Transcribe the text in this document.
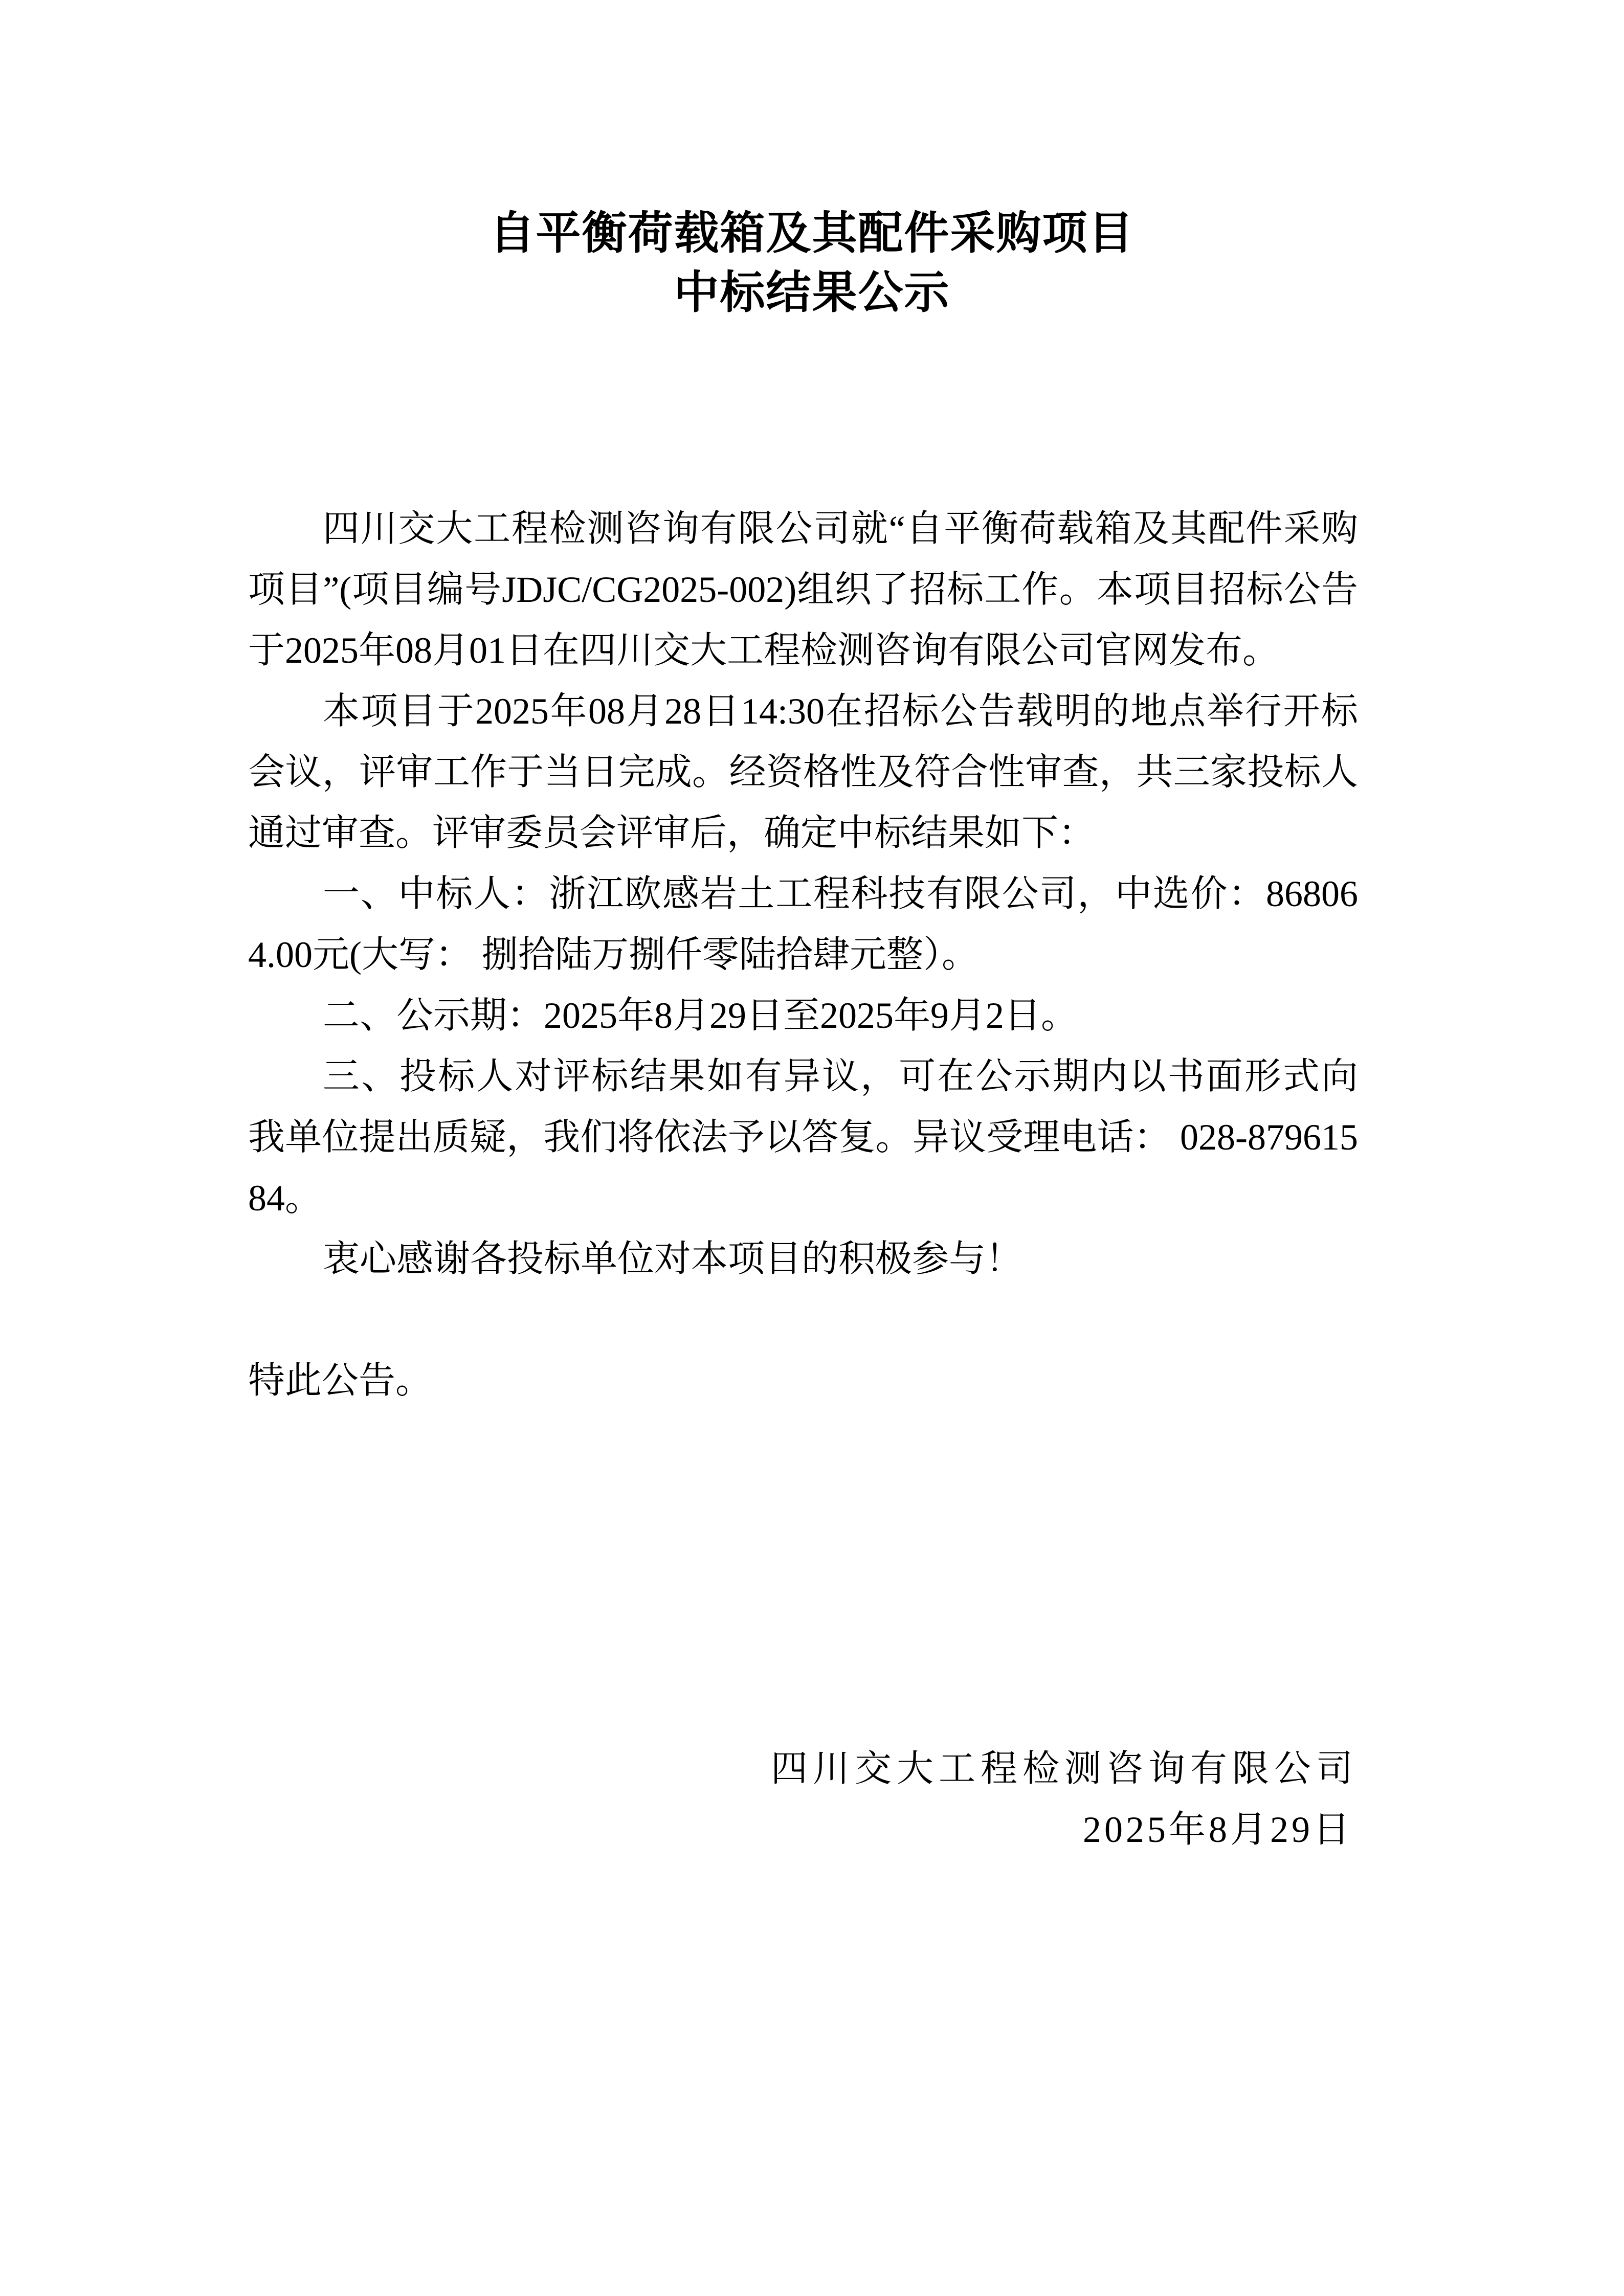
自平衡荷载箱及其配件采购项目
中标结果公示

四川交大工程检测咨询有限公司就“自平衡荷载箱及其配件采购项目”(项目编号JDJC/CG2025-002)组织了招标工作。本项目招标公告于2025年08月01日在四川交大工程检测咨询有限公司官网发布。

本项目于2025年08月28日14:30在招标公告载明的地点举行开标会议，评审工作于当日完成。经资格性及符合性审查，共三家投标人通过审查。评审委员会评审后，确定中标结果如下：

一、中标人：浙江欧感岩土工程科技有限公司，中选价：868064.00元(大写： 捌拾陆万捌仟零陆拾肆元整）。

二、公示期：2025年8月29日至2025年9月2日。

三、投标人对评标结果如有异议，可在公示期内以书面形式向 我单位提出质疑，我们将依法予以答复。异议受理电话： 028-87961584。

衷心感谢各投标单位对本项目的积极参与！

特此公告。

四川交大工程检测咨询有限公司
2025年8月29日
